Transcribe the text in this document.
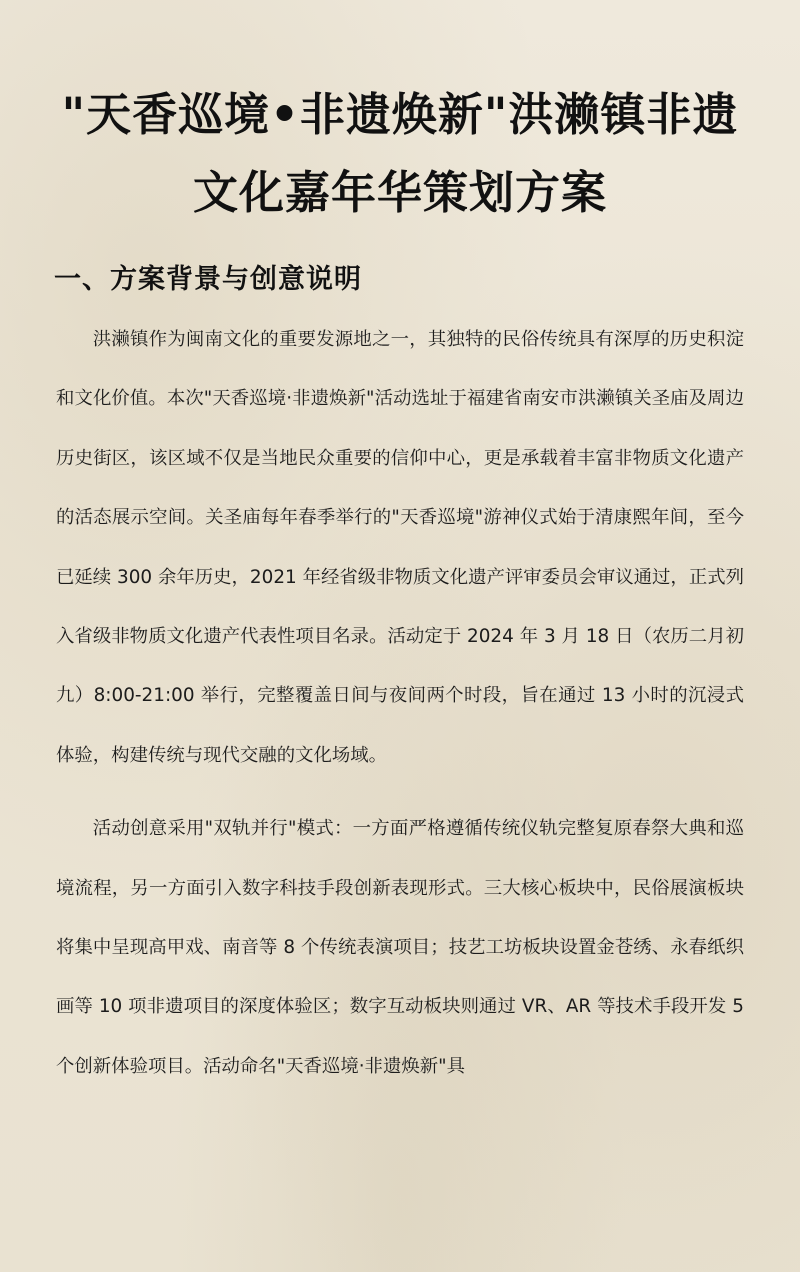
"天香巡境•非遗焕新"洪濑镇非遗文化嘉年华策划方案
一、方案背景与创意说明

洪濑镇作为闽南文化的重要发源地之一，其独特的民俗传统具有深厚的历史积淀和文化价值。本次"天香巡境·非遗焕新"活动选址于福建省南安市洪濑镇关圣庙及周边历史街区，该区域不仅是当地民众重要的信仰中心，更是承载着丰富非物质文化遗产的活态展示空间。关圣庙每年春季举行的"天香巡境"游神仪式始于清康熙年间，至今已延续 300 余年历史，2021 年经省级非物质文化遗产评审委员会审议通过，正式列入省级非物质文化遗产代表性项目名录。活动定于 2024 年 3 月 18 日（农历二月初九）8:00-21:00 举行，完整覆盖日间与夜间两个时段，旨在通过 13 小时的沉浸式体验，构建传统与现代交融的文化场域。

活动创意采用"双轨并行"模式：一方面严格遵循传统仪轨完整复原春祭大典和巡境流程，另一方面引入数字科技手段创新表现形式。三大核心板块中，民俗展演板块将集中呈现高甲戏、南音等 8 个传统表演项目；技艺工坊板块设置金苍绣、永春纸织画等 10 项非遗项目的深度体验区；数字互动板块则通过 VR、AR 等技术手段开发 5 个创新体验项目。活动命名"天香巡境·非遗焕新"具
